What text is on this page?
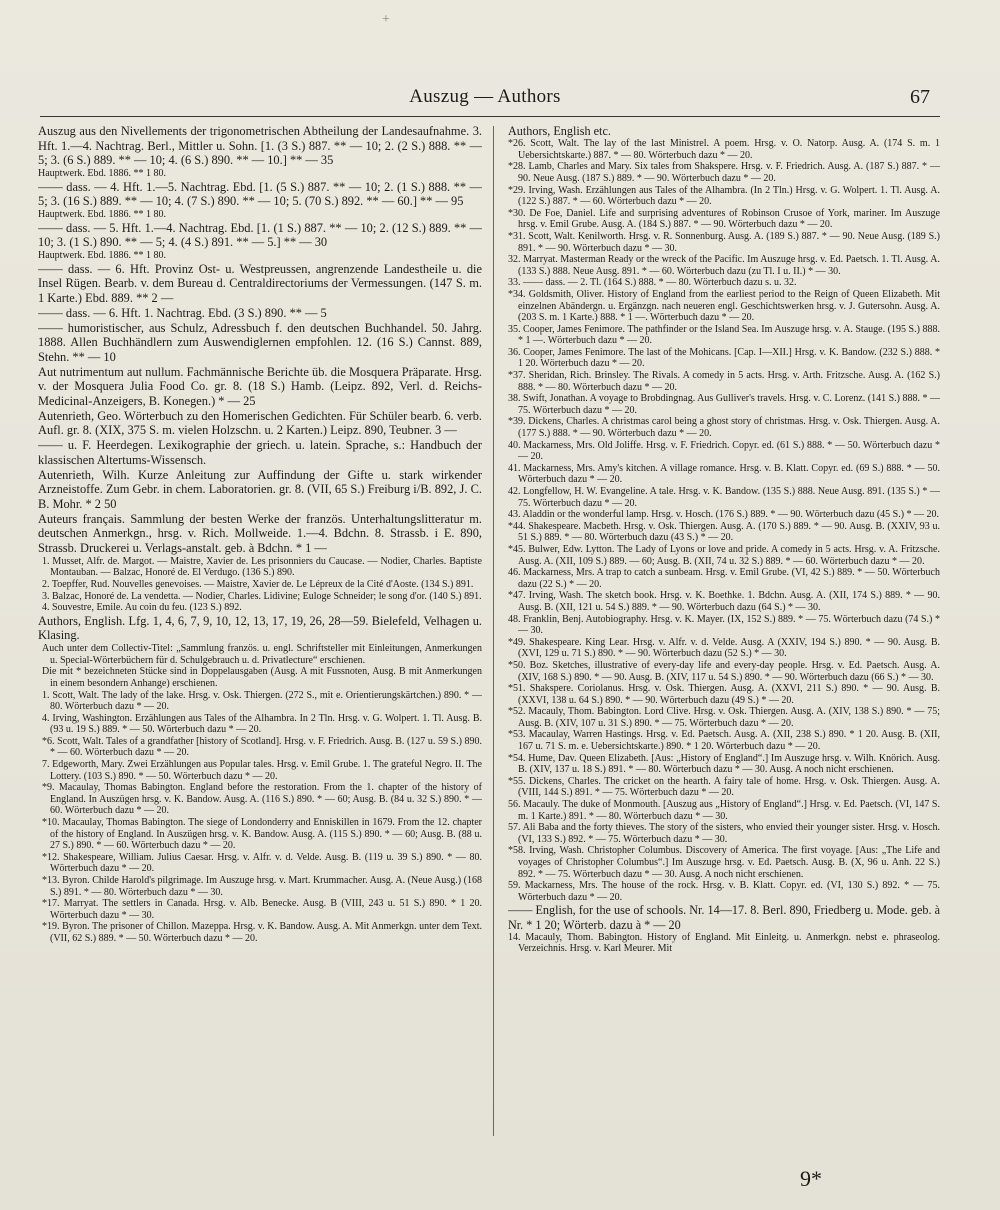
+
Auszug — Authors	67

Auszug aus den Nivellements der trigonometrischen Abtheilung der Landesaufnahme. 3. Hft. 1.—4. Nachtrag. Berl., Mittler u. Sohn. [1. (3 S.) 887. ** — 10; 2. (2 S.) 888. ** — 5; 3. (6 S.) 889. ** — 10; 4. (6 S.) 890. ** — 10.] ** — 35

Hauptwerk. Ebd. 1886. ** 1 80.

—— dass. — 4. Hft. 1.—5. Nachtrag. Ebd. [1. (5 S.) 887. ** — 10; 2. (1 S.) 888. ** — 5; 3. (16 S.) 889. ** — 10; 4. (7 S.) 890. ** — 10; 5. (70 S.) 892. ** — 60.] ** — 95

Hauptwerk. Ebd. 1886. ** 1 80.

—— dass. — 5. Hft. 1.—4. Nachtrag. Ebd. [1. (1 S.) 887. ** — 10; 2. (12 S.) 889. ** — 10; 3. (1 S.) 890. ** — 5; 4. (4 S.) 891. ** — 5.] ** — 30

Hauptwerk. Ebd. 1886. ** 1 80.

—— dass. — 6. Hft. Provinz Ost- u. Westpreussen, angrenzende Landestheile u. die Insel Rügen. Bearb. v. dem Bureau d. Centraldirectoriums der Vermessungen. (147 S. m. 1 Karte.) Ebd. 889. ** 2 —

—— dass. — 6. Hft. 1. Nachtrag. Ebd. (3 S.) 890. ** — 5

—— humoristischer, aus Schulz, Adressbuch f. den deutschen Buchhandel. 50. Jahrg. 1888. Allen Buchhändlern zum Auswendiglernen empfohlen. 12. (16 S.) Cannst. 889, Stehn. ** — 10

Aut nutrimentum aut nullum. Fachmännische Berichte üb. die Mosquera Präparate. Hrsg. v. der Mosquera Julia Food Co. gr. 8. (18 S.) Hamb. (Leipz. 892, Verl. d. Reichs-Medicinal-Anzeigers, B. Konegen.) * — 25

Autenrieth, Geo. Wörterbuch zu den Homerischen Gedichten. Für Schüler bearb. 6. verb. Aufl. gr. 8. (XIX, 375 S. m. vielen Holzschn. u. 2 Karten.) Leipz. 890, Teubner. 3 —

—— u. F. Heerdegen. Lexikographie der griech. u. latein. Sprache, s.: Handbuch der klassischen Altertums-Wissensch.

Autenrieth, Wilh. Kurze Anleitung zur Auffindung der Gifte u. stark wirkender Arzneistoffe. Zum Gebr. in chem. Laboratorien. gr. 8. (VII, 65 S.) Freiburg i/B. 892, J. C. B. Mohr. * 2 50

Auteurs français. Sammlung der besten Werke der französ. Unterhaltungslitteratur m. deutschen Anmerkgn., hrsg. v. Rich. Mollweide. 1.—4. Bdchn. 8. Strassb. i E. 890, Strassb. Druckerei u. Verlags-anstalt. geb. à Bdchn. * 1 —

1. Musset, Alfr. de. Margot. — Maistre, Xavier de. Les prisonniers du Caucase. — Nodier, Charles. Baptiste Montauban. — Balzac, Honoré de. El Verdugo. (136 S.) 890.

2. Toepffer, Rud. Nouvelles genevoises. — Maistre, Xavier de. Le Lépreux de la Cité d'Aoste. (134 S.) 891.

3. Balzac, Honoré de. La vendetta. — Nodier, Charles. Lidivine; Euloge Schneider; le song d'or. (140 S.) 891.

4. Souvestre, Emile. Au coin du feu. (123 S.) 892.

Authors, English. Lfg. 1, 4, 6, 7, 9, 10, 12, 13, 17, 19, 26, 28—59. Bielefeld, Velhagen u. Klasing.

Auch unter dem Collectiv-Titel: „Sammlung französ. u. engl. Schriftsteller mit Einleitungen, Anmerkungen u. Special-Wörterbüchern für d. Schulgebrauch u. d. Privatlecture“ erschienen.

Die mit * bezeichneten Stücke sind in Doppelausgaben (Ausg. A mit Fussnoten, Ausg. B mit Anmerkungen in einem besondern Anhange) erschienen.

1. Scott, Walt. The lady of the lake. Hrsg. v. Osk. Thiergen. (272 S., mit e. Orientierungskärtchen.) 890. * — 80. Wörterbuch dazu * — 20.

4. Irving, Washington. Erzählungen aus Tales of the Alhambra. In 2 Tln. Hrsg. v. G. Wolpert. 1. Tl. Ausg. B. (93 u. 19 S.) 889. * — 50. Wörterbuch dazu * — 20.

*6. Scott, Walt. Tales of a grandfather [history of Scotland]. Hrsg. v. F. Friedrich. Ausg. B. (127 u. 59 S.) 890. * — 60. Wörterbuch dazu * — 20.

7. Edgeworth, Mary. Zwei Erzählungen aus Popular tales. Hrsg. v. Emil Grube. 1. The grateful Negro. II. The Lottery. (103 S.) 890. * — 50. Wörterbuch dazu * — 20.

*9. Macaulay, Thomas Babington. England before the restoration. From the 1. chapter of the history of England. In Auszügen hrsg. v. K. Bandow. Ausg. A. (116 S.) 890. * — 60; Ausg. B. (84 u. 32 S.) 890. * — 60. Wörterbuch dazu * — 20.

*10. Macaulay, Thomas Babington. The siege of Londonderry and Enniskillen in 1679. From the 12. chapter of the history of England. In Auszügen hrsg. v. K. Bandow. Ausg. A. (115 S.) 890. * — 60; Ausg. B. (88 u. 27 S.) 890. * — 60. Wörterbuch dazu * — 20.

*12. Shakespeare, William. Julius Caesar. Hrsg. v. Alfr. v. d. Velde. Ausg. B. (119 u. 39 S.) 890. * — 80. Wörterbuch dazu * — 20.

*13. Byron. Childe Harold's pilgrimage. Im Auszuge hrsg. v. Mart. Krummacher. Ausg. A. (Neue Ausg.) (168 S.) 891. * — 80. Wörterbuch dazu * — 30.

*17. Marryat. The settlers in Canada. Hrsg. v. Alb. Benecke. Ausg. B (VIII, 243 u. 51 S.) 890. * 1 20. Wörterbuch dazu * — 30.

*19. Byron. The prisoner of Chillon. Mazeppa. Hrsg. v. K. Bandow. Ausg. A. Mit Anmerkgn. unter dem Text. (VII, 62 S.) 889. * — 50. Wörterbuch dazu * — 20.

Authors, English etc.

*26. Scott, Walt. The lay of the last Ministrel. A poem. Hrsg. v. O. Natorp. Ausg. A. (174 S. m. 1 Uebersichtskarte.) 887. * — 80. Wörterbuch dazu * — 20.

*28. Lamb, Charles and Mary. Six tales from Shakspere. Hrsg. v. F. Friedrich. Ausg. A. (187 S.) 887. * — 90. Neue Ausg. (187 S.) 889. * — 90. Wörterbuch dazu * — 20.

*29. Irving, Wash. Erzählungen aus Tales of the Alhambra. (In 2 Tln.) Hrsg. v. G. Wolpert. 1. Tl. Ausg. A. (122 S.) 887. * — 60. Wörterbuch dazu * — 20.

*30. De Foe, Daniel. Life and surprising adventures of Robinson Crusoe of York, mariner. Im Auszuge hrsg. v. Emil Grube. Ausg. A. (184 S.) 887. * — 90. Wörterbuch dazu * — 20.

*31. Scott, Walt. Kenilworth. Hrsg. v. R. Sonnenburg. Ausg. A. (189 S.) 887. * — 90. Neue Ausg. (189 S.) 891. * — 90. Wörterbuch dazu * — 30.

32. Marryat. Masterman Ready or the wreck of the Pacific. Im Auszuge hrsg. v. Ed. Paetsch. 1. Tl. Ausg. A. (133 S.) 888. Neue Ausg. 891. * — 60. Wörterbuch dazu (zu Tl. I u. II.) * — 30.

33. —— dass. — 2. Tl. (164 S.) 888. * — 80. Wörterbuch dazu s. u. 32.

*34. Goldsmith, Oliver. History of England from the earliest period to the Reign of Queen Elizabeth. Mit einzelnen Abändergn. u. Ergänzgn. nach neueren engl. Geschichtswerken hrsg. v. J. Gutersohn. Ausg. A. (203 S. m. 1 Karte.) 888. * 1 —. Wörterbuch dazu * — 20.

35. Cooper, James Fenimore. The pathfinder or the Island Sea. Im Auszuge hrsg. v. A. Stauge. (195 S.) 888. * 1 —. Wörterbuch dazu * — 20.

36. Cooper, James Fenimore. The last of the Mohicans. [Cap. I—XII.] Hrsg. v. K. Bandow. (232 S.) 888. * 1 20. Wörterbuch dazu * — 20.

*37. Sheridan, Rich. Brinsley. The Rivals. A comedy in 5 acts. Hrsg. v. Arth. Fritzsche. Ausg. A. (162 S.) 888. * — 80. Wörterbuch dazu * — 20.

38. Swift, Jonathan. A voyage to Brobdingnag. Aus Gulliver's travels. Hrsg. v. C. Lorenz. (141 S.) 888. * — 75. Wörterbuch dazu * — 20.

*39. Dickens, Charles. A christmas carol being a ghost story of christmas. Hrsg. v. Osk. Thiergen. Ausg. A. (177 S.) 888. * — 90. Wörterbuch dazu * — 20.

40. Mackarness, Mrs. Old Joliffe. Hrsg. v. F. Friedrich. Copyr. ed. (61 S.) 888. * — 50. Wörterbuch dazu * — 20.

41. Mackarness, Mrs. Amy's kitchen. A village romance. Hrsg. v. B. Klatt. Copyr. ed. (69 S.) 888. * — 50. Wörterbuch dazu * — 20.

42. Longfellow, H. W. Evangeline. A tale. Hrsg. v. K. Bandow. (135 S.) 888. Neue Ausg. 891. (135 S.) * — 75. Wörterbuch dazu * — 20.

43. Aladdin or the wonderful lamp. Hrsg. v. Hosch. (176 S.) 889. * — 90. Wörterbuch dazu (45 S.) * — 20.

*44. Shakespeare. Macbeth. Hrsg. v. Osk. Thiergen. Ausg. A. (170 S.) 889. * — 90. Ausg. B. (XXIV, 93 u. 51 S.) 889. * — 80. Wörterbuch dazu (43 S.) * — 20.

*45. Bulwer, Edw. Lytton. The Lady of Lyons or love and pride. A comedy in 5 acts. Hrsg. v. A. Fritzsche. Ausg. A. (XII, 109 S.) 889. — 60; Ausg. B. (XII, 74 u. 32 S.) 889. * — 60. Wörterbuch dazu * — 20.

46. Mackarness, Mrs. A trap to catch a sunbeam. Hrsg. v. Emil Grube. (VI, 42 S.) 889. * — 50. Wörterbuch dazu (22 S.) * — 20.

*47. Irving, Wash. The sketch book. Hrsg. v. K. Boethke. 1. Bdchn. Ausg. A. (XII, 174 S.) 889. * — 90. Ausg. B. (XII, 121 u. 54 S.) 889. * — 90. Wörterbuch dazu (64 S.) * — 30.

48. Franklin, Benj. Autobiography. Hrsg. v. K. Mayer. (IX, 152 S.) 889. * — 75. Wörterbuch dazu (74 S.) * — 30.

*49. Shakespeare. King Lear. Hrsg. v. Alfr. v. d. Velde. Ausg. A (XXIV, 194 S.) 890. * — 90. Ausg. B. (XVI, 129 u. 71 S.) 890. * — 90. Wörterbuch dazu (52 S.) * — 30.

*50. Boz. Sketches, illustrative of every-day life and every-day people. Hrsg. v. Ed. Paetsch. Ausg. A. (XIV, 168 S.) 890. * — 90. Ausg. B. (XIV, 117 u. 54 S.) 890. * — 90. Wörterbuch dazu (66 S.) * — 30.

*51. Shakspere. Coriolanus. Hrsg. v. Osk. Thiergen. Ausg. A. (XXVI, 211 S.) 890. * — 90. Ausg. B. (XXVI, 138 u. 64 S.) 890. * — 90. Wörterbuch dazu (49 S.) * — 20.

*52. Macauly, Thom. Babington. Lord Clive. Hrsg. v. Osk. Thiergen. Ausg. A. (XIV, 138 S.) 890. * — 75; Ausg. B. (XIV, 107 u. 31 S.) 890. * — 75. Wörterbuch dazu * — 20.

*53. Macaulay, Warren Hastings. Hrsg. v. Ed. Paetsch. Ausg. A. (XII, 238 S.) 890. * 1 20. Ausg. B. (XII, 167 u. 71 S. m. e. Uebersichtskarte.) 890. * 1 20. Wörterbuch dazu * — 20.

*54. Hume, Dav. Queen Elizabeth. [Aus: „History of England“.] Im Auszuge hrsg. v. Wilh. Knörich. Ausg. B. (XIV, 137 u. 18 S.) 891. * — 80. Wörterbuch dazu * — 30. Ausg. A noch nicht erschienen.

*55. Dickens, Charles. The cricket on the hearth. A fairy tale of home. Hrsg. v. Osk. Thiergen. Ausg. A. (VIII, 144 S.) 891. * — 75. Wörterbuch dazu * — 20.

56. Macauly. The duke of Monmouth. [Auszug aus „History of England“.] Hrsg. v. Ed. Paetsch. (VI, 147 S. m. 1 Karte.) 891. * — 80. Wörterbuch dazu * — 30.

57. Ali Baba and the forty thieves. The story of the sisters, who envied their younger sister. Hrsg. v. Hosch. (VI, 133 S.) 892. * — 75. Wörterbuch dazu * — 30.

*58. Irving, Wash. Christopher Columbus. Discovery of America. The first voyage. [Aus: „The Life and voyages of Christopher Columbus“.] Im Auszuge hrsg. v. Ed. Paetsch. Ausg. B. (X, 96 u. Anh. 22 S.) 892. * — 75. Wörterbuch dazu * — 30. Ausg. A noch nicht erschienen.

59. Mackarness, Mrs. The house of the rock. Hrsg. v. B. Klatt. Copyr. ed. (VI, 130 S.) 892. * — 75. Wörterbuch dazu * — 20.

—— English, for the use of schools. Nr. 14—17. 8. Berl. 890, Friedberg u. Mode. geb. à Nr. * 1 20; Wörterb. dazu à * — 20

14. Macauly, Thom. Babington. History of England. Mit Einleitg. u. Anmerkgn. nebst e. phraseolog. Verzeichnis. Hrsg. v. Karl Meurer. Mit

9*
